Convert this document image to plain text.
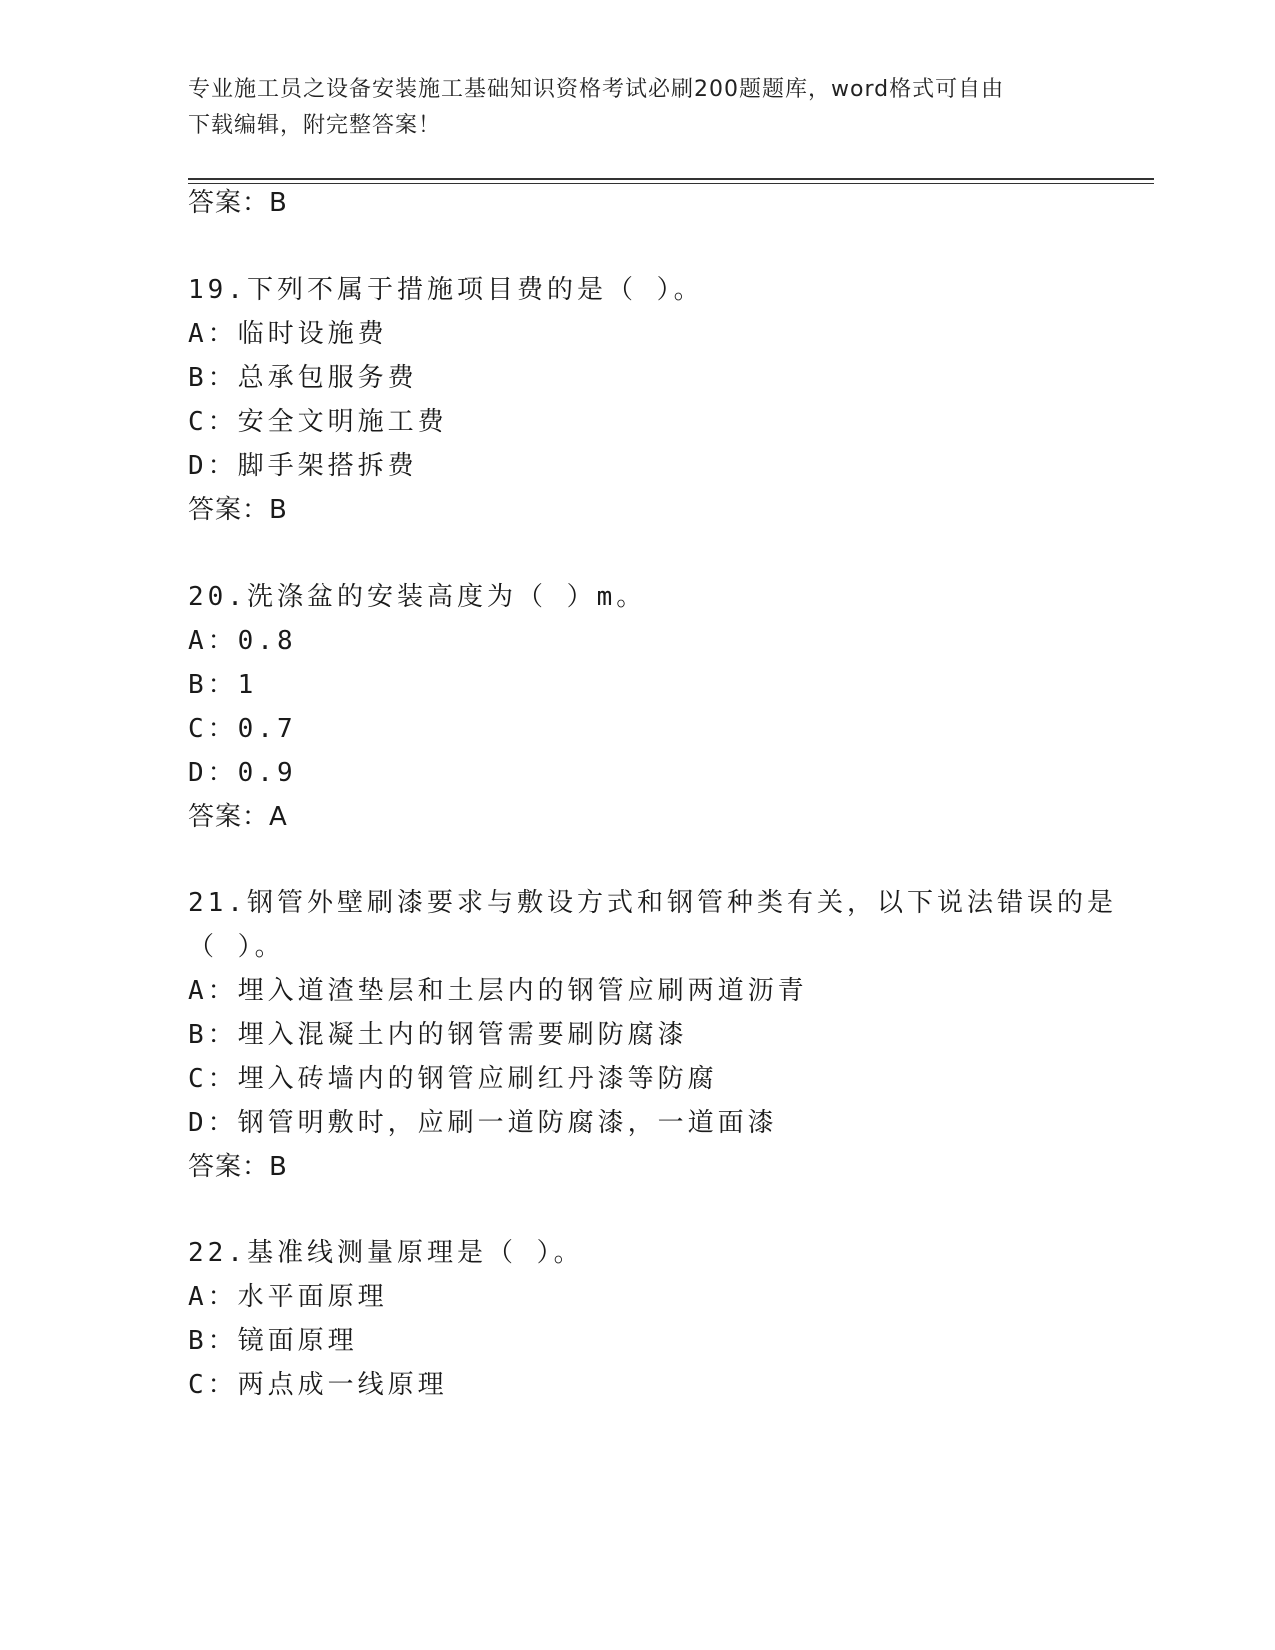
专业施工员之设备安装施工基础知识资格考试必刷200题题库，word格式可自由
下载编辑，附完整答案！
答案：B
19.下列不属于措施项目费的是（ ）。
A：临时设施费
B：总承包服务费
C：安全文明施工费
D：脚手架搭拆费
答案：B
20.洗涤盆的安装高度为（ ）m。
A：0.8
B：1
C：0.7
D：0.9
答案：A
21.钢管外壁刷漆要求与敷设方式和钢管种类有关，以下说法错误的是
（ ）。
A：埋入道渣垫层和土层内的钢管应刷两道沥青
B：埋入混凝土内的钢管需要刷防腐漆
C：埋入砖墙内的钢管应刷红丹漆等防腐
D：钢管明敷时，应刷一道防腐漆，一道面漆
答案：B
22.基准线测量原理是（ ）。
A：水平面原理
B：镜面原理
C：两点成一线原理
